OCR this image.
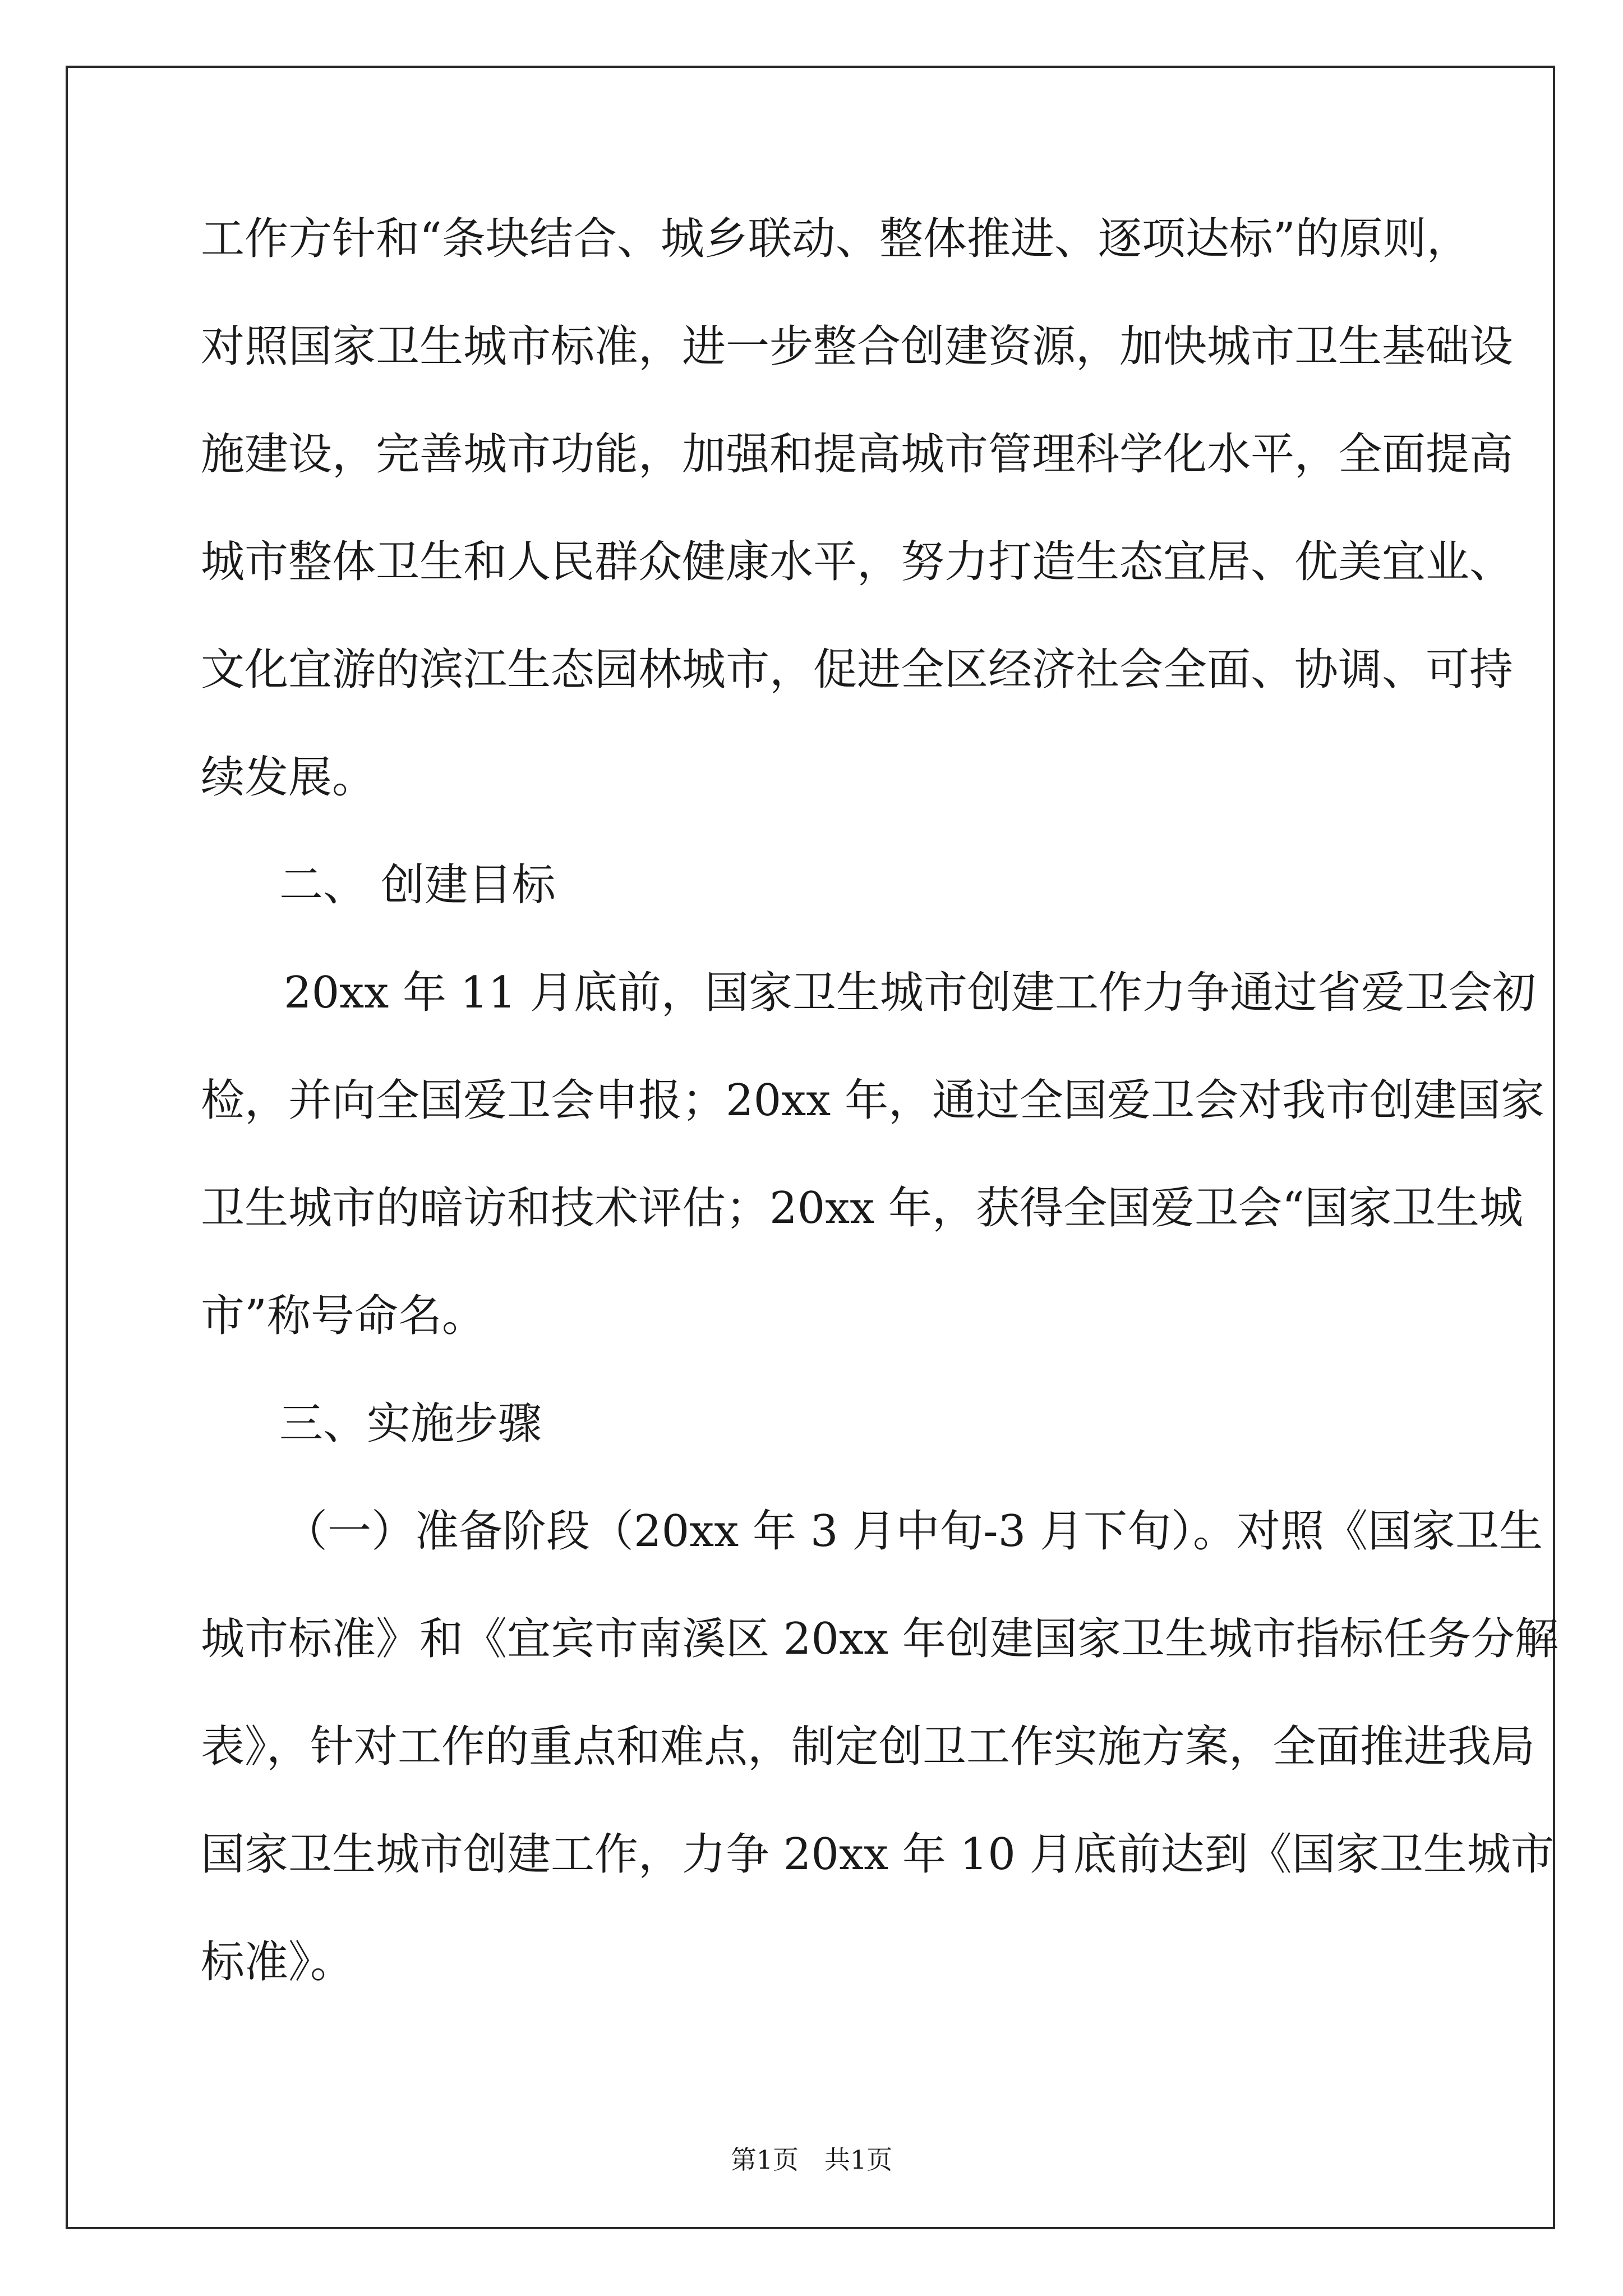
工作方针和“条块结合、城乡联动、整体推进、逐项达标”的原则，
对照国家卫生城市标准，进一步整合创建资源，加快城市卫生基础设
施建设，完善城市功能，加强和提高城市管理科学化水平，全面提高
城市整体卫生和人民群众健康水平，努力打造生态宜居、优美宜业、
文化宜游的滨江生态园林城市，促进全区经济社会全面、协调、可持
续发展。
二、 创建目标
20xx 年 11 月底前，国家卫生城市创建工作力争通过省爱卫会初
检，并向全国爱卫会申报；20xx 年，通过全国爱卫会对我市创建国家
卫生城市的暗访和技术评估；20xx 年，获得全国爱卫会“国家卫生城
市”称号命名。
三、实施步骤
（一）准备阶段（20xx 年 3 月中旬-3 月下旬）。对照《国家卫生
城市标准》和《宜宾市南溪区 20xx 年创建国家卫生城市指标任务分解
表》，针对工作的重点和难点，制定创卫工作实施方案，全面推进我局
国家卫生城市创建工作，力争 20xx 年 10 月底前达到《国家卫生城市
标准》。
第1页　共1页
